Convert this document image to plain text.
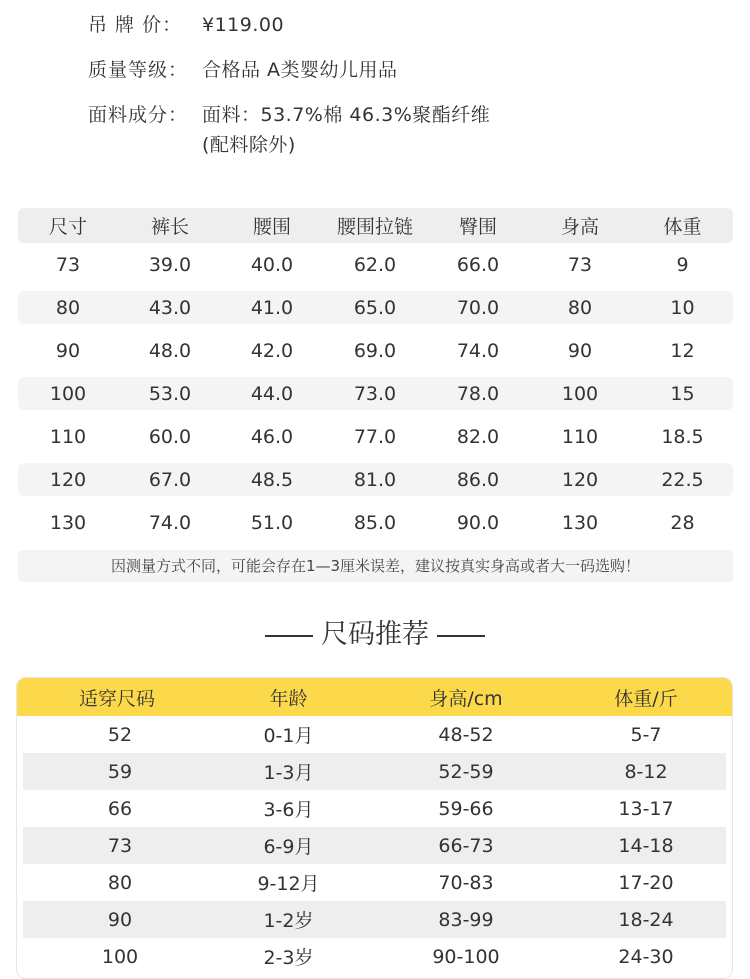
吊 牌 价：	¥119.00
质量等级： 合格品 A类婴幼儿用品
面料成分： 面料：53.7%棉 46.3%聚酯纤维
(配料除外)
尺寸	裤长	腰围	腰围拉链	臀围	身高	体重
73	39.0	40.0	62.0	66.0	73	9
80	43.0	41.0	65.0	70.0	80	10
90	48.0	42.0	69.0	74.0	90	12
100	53.0	44.0	73.0	78.0	100	15
110	60.0	46.0	77.0	82.0	110	18.5
120	67.0	48.5	81.0	86.0	120	22.5
130	74.0	51.0	85.0	90.0	130	28
因测量方式不同，可能会存在1—3厘米误差，建议按真实身高或者大一码选购！
尺码推荐
适穿尺码	年龄	身高/cm	体重/斤
52	0-1月	48-52	5-7
59	1-3月	52-59	8-12
66	3-6月	59-66	13-17
73	6-9月	66-73	14-18
80	9-12月	70-83	17-20
90	1-2岁	83-99	18-24
100	2-3岁	90-100	24-30
